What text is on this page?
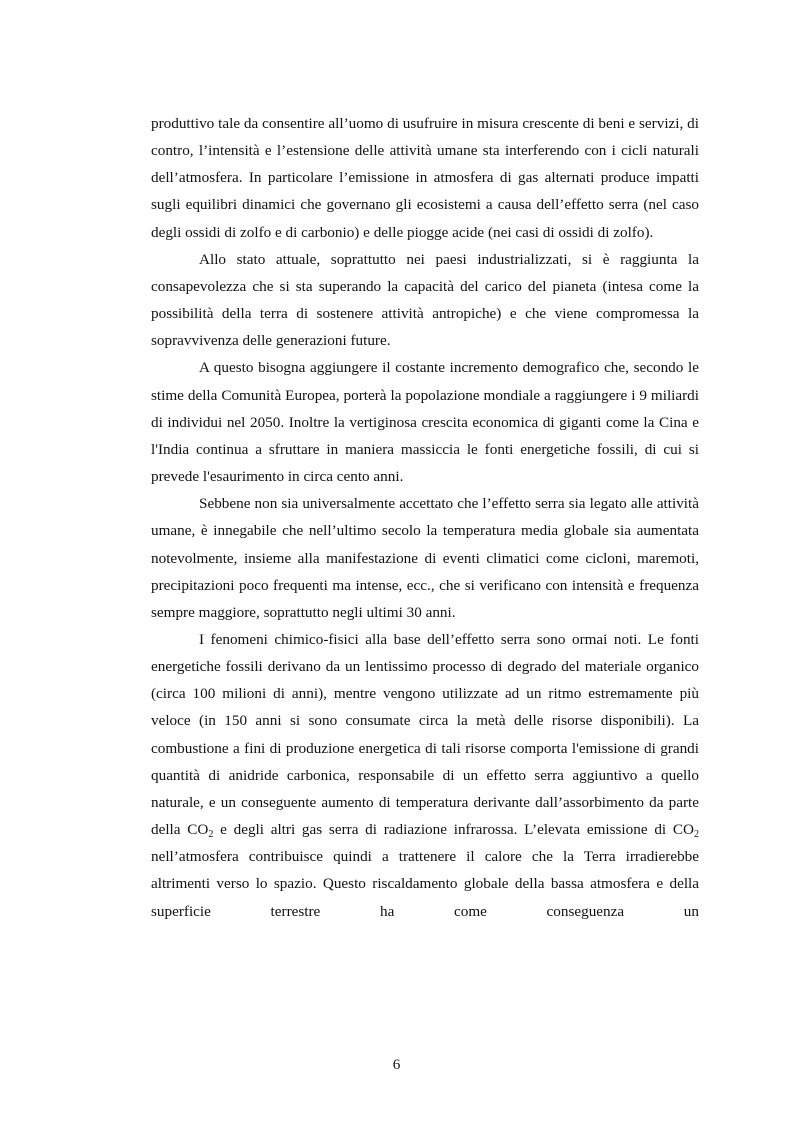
produttivo tale da consentire all’uomo di usufruire in misura crescente di beni e servizi, di contro, l’intensità e l’estensione delle attività umane sta interferendo con i cicli naturali dell’atmosfera. In particolare l’emissione in atmosfera di gas alternati produce impatti sugli equilibri dinamici che governano gli ecosistemi a causa dell’effetto serra (nel caso degli ossidi di zolfo e di carbonio) e delle piogge acide (nei casi di ossidi di zolfo).

Allo stato attuale, soprattutto nei paesi industrializzati, si è raggiunta la consapevolezza che si sta superando la capacità del carico del pianeta (intesa come la possibilità della terra di sostenere attività antropiche) e che viene compromessa la sopravvivenza delle generazioni future.

A questo bisogna aggiungere il costante incremento demografico che, secondo le stime della Comunità Europea, porterà la popolazione mondiale a raggiungere i 9 miliardi di individui nel 2050. Inoltre la vertiginosa crescita economica di giganti come la Cina e l'India continua a sfruttare in maniera massiccia le fonti energetiche fossili, di cui si prevede l'esaurimento in circa cento anni.

Sebbene non sia universalmente accettato che l’effetto serra sia legato alle attività umane, è innegabile che nell’ultimo secolo la temperatura media globale sia aumentata notevolmente, insieme alla manifestazione di eventi climatici come cicloni, maremoti, precipitazioni poco frequenti ma intense, ecc., che si verificano con intensità e frequenza sempre maggiore, soprattutto negli ultimi 30 anni.

I fenomeni chimico-fisici alla base dell’effetto serra sono ormai noti. Le fonti energetiche fossili derivano da un lentissimo processo di degrado del materiale organico (circa 100 milioni di anni), mentre vengono utilizzate ad un ritmo estremamente più veloce (in 150 anni si sono consumate circa la metà delle risorse disponibili). La combustione a fini di produzione energetica di tali risorse comporta l'emissione di grandi quantità di anidride carbonica, responsabile di un effetto serra aggiuntivo a quello naturale, e un conseguente aumento di temperatura derivante dall’assorbimento da parte della $CO_2$ e degli altri gas serra di radiazione infrarossa. L’elevata emissione di $CO_2$ nell’atmosfera contribuisce quindi a trattenere il calore che la Terra irradierebbe altrimenti verso lo spazio. Questo riscaldamento globale della bassa atmosfera e della superficie terrestre ha come conseguenza un

6
